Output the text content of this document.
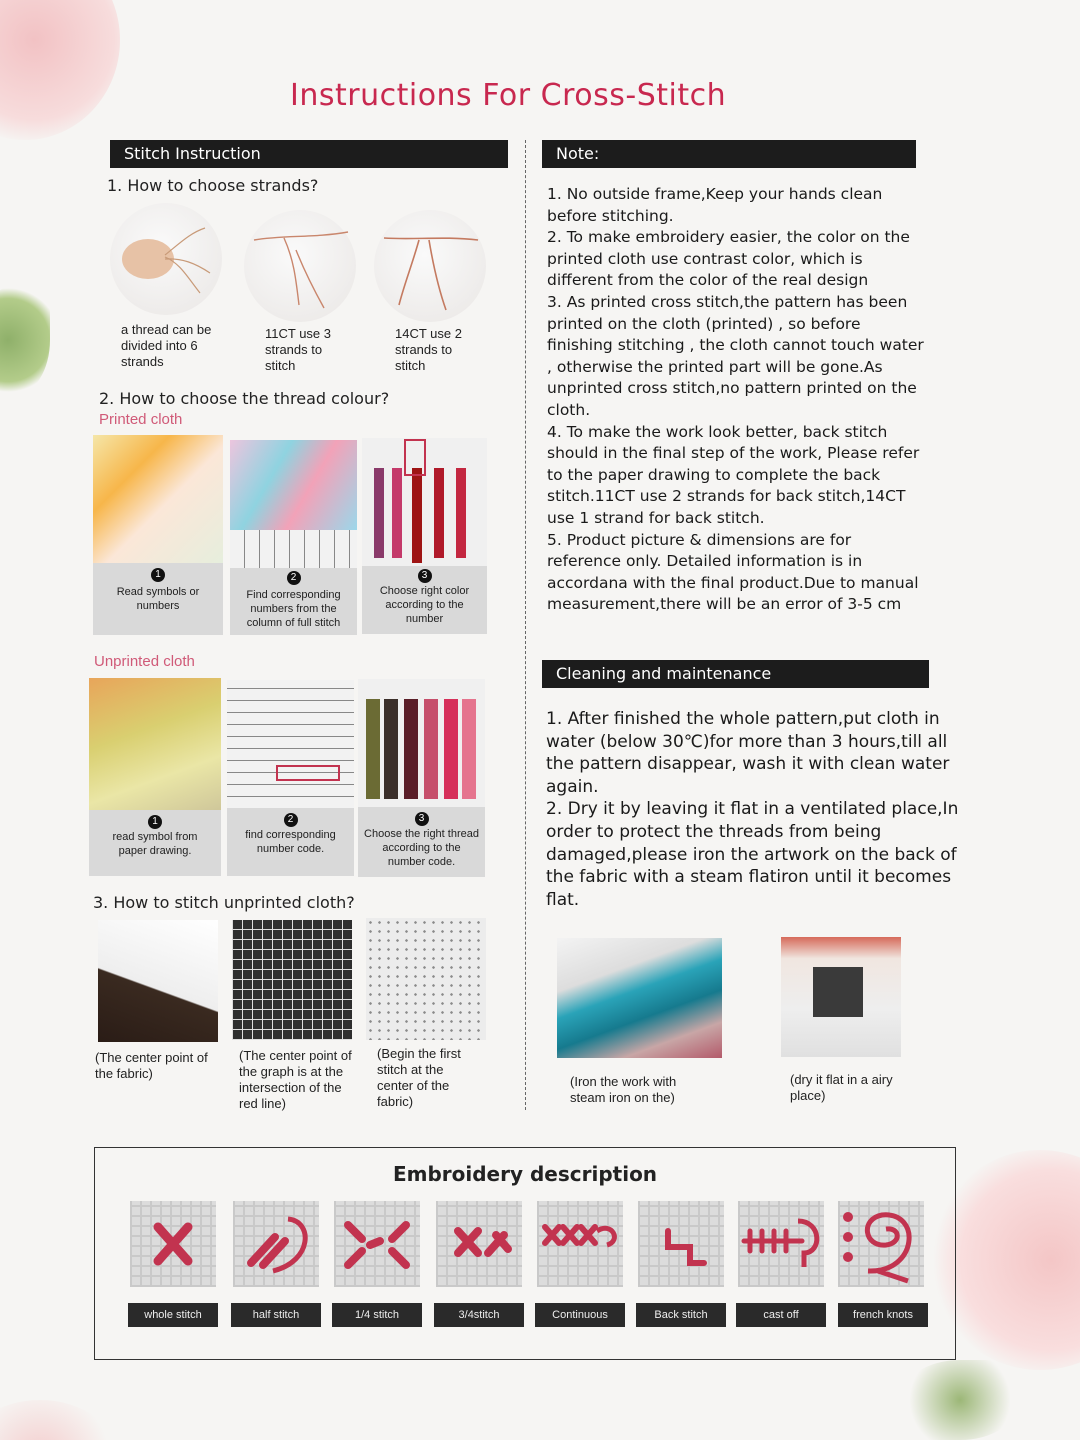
Instructions For Cross-Stitch
Stitch Instruction
1. How to choose strands?
a thread can be divided into 6 strands
11CT use 3 strands to stitch
14CT use 2 strands to stitch
2. How to choose the thread colour?
Printed cloth
1
Read symbols or numbers
2
Find corresponding numbers from the column of full stitch
3
Choose right color according to the number
Unprinted cloth
1
read symbol from paper drawing.
2
find corresponding number code.
3
Choose the right thread according to the number code.
3. How to stitch unprinted cloth?
(The center point of the fabric)
(The center point of the graph is at the intersection of the red line)
(Begin the first stitch at the center of the fabric)
Note:

1. No outside frame,Keep your hands clean before stitching.

2. To make embroidery easier, the color on the printed cloth use contrast color, which is different from the color of the real design

3. As printed cross stitch,the pattern has been printed on the cloth (printed) , so before finishing stitching , the cloth cannot touch water , otherwise the printed part will be gone.As unprinted cross stitch,no pattern printed on the cloth.

4. To make the work look better, back stitch should in the final step of the work, Please refer to the paper drawing to complete the back stitch.11CT use 2 strands for back stitch,14CT use 1 strand for back stitch.

5. Product picture & dimensions are for reference only. Detailed information is in accordana with the final product.Due to manual measurement,there will be an error of 3-5 cm

Cleaning and maintenance

1. After finished the whole pattern,put cloth in water (below 30℃)for more than 3 hours,till all the pattern disappear, wash it with clean water again.

2. Dry it by leaving it flat in a ventilated place,In order to protect the threads from being damaged,please iron the artwork on the back of the fabric with a steam flatiron until it becomes flat.

(Iron the work with steam iron on the)
(dry it flat in a airy place)
Embroidery description
whole stitch	half stitch	1/4 stitch	3/4stitch	Continuous	Back stitch	cast off	french knots
